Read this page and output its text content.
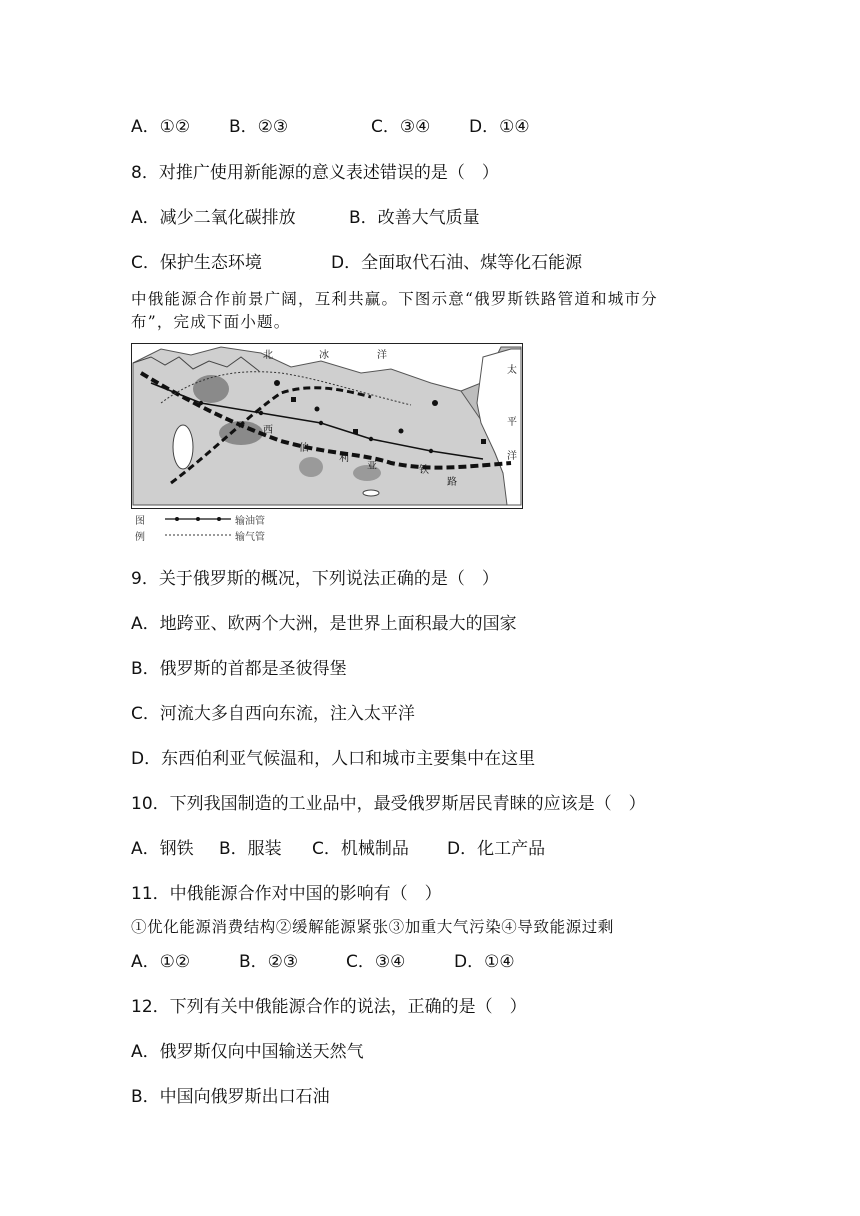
A．①② B．②③	C．③④ D．①④
8．对推广使用新能源的意义表述错误的是（　）
A．减少二氧化碳排放	B．改善大气质量
C．保护生态环境	D．全面取代石油、煤等化石能源
中俄能源合作前景广阔，互利共赢。下图示意“俄罗斯铁路管道和城市分
布”，完成下面小题。
北	冰	洋
太
平
洋
西
伯
利
亚	铁
路
图	输油管
例	输气管
9．关于俄罗斯的概况，下列说法正确的是（　）
A．地跨亚、欧两个大洲，是世界上面积最大的国家
B．俄罗斯的首都是圣彼得堡
C．河流大多自西向东流，注入太平洋
D．东西伯利亚气候温和，人口和城市主要集中在这里
10．下列我国制造的工业品中，最受俄罗斯居民青睐的应该是（　）
A．钢铁 B．服装 C．机械制品 D．化工产品
11．中俄能源合作对中国的影响有（　）
①优化能源消费结构②缓解能源紧张③加重大气污染④导致能源过剩
A．①②	B．②③	C．③④	D．①④
12．下列有关中俄能源合作的说法，正确的是（　）
A．俄罗斯仅向中国输送天然气
B．中国向俄罗斯出口石油
